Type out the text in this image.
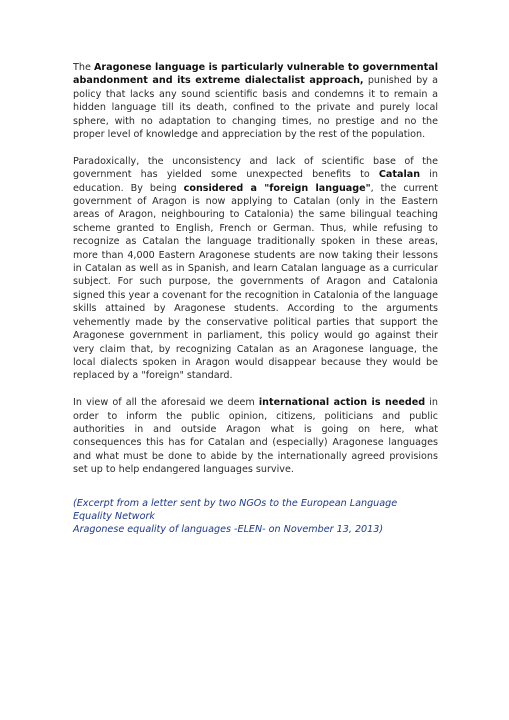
The Aragonese language is particularly vulnerable to governmental abandonment and its extreme dialectalist approach, punished by a policy that lacks any sound scientific basis and condemns it to remain a hidden language till its death, confined to the private and purely local sphere, with no adaptation to changing times, no prestige and no the proper level of knowledge and appreciation by the rest of the population.

Paradoxically, the unconsistency and lack of scientific base of the government has yielded some unexpected benefits to Catalan in education. By being considered a "foreign language", the current government of Aragon is now applying to Catalan (only in the Eastern areas of Aragon, neighbouring to Catalonia) the same bilingual teaching scheme granted to English, French or German. Thus, while refusing to recognize as Catalan the language traditionally spoken in these areas, more than 4,000 Eastern Aragonese students are now taking their lessons in Catalan as well as in Spanish, and learn Catalan language as a curricular subject. For such purpose, the governments of Aragon and Catalonia signed this year a covenant for the recognition in Catalonia of the language skills attained by Aragonese students. According to the arguments vehemently made by the conservative political parties that support the Aragonese government in parliament, this policy would go against their very claim that, by recognizing Catalan as an Aragonese language, the local dialects spoken in Aragon would disappear because they would be replaced by a "foreign" standard.

In view of all the aforesaid we deem international action is needed in order to inform the public opinion, citizens, politicians and public authorities in and outside Aragon what is going on here, what consequences this has for Catalan and (especially) Aragonese languages and what must be done to abide by the internationally agreed provisions set up to help endangered languages survive.

(Excerpt from a letter sent by two NGOs to the European Language Equality Network
Aragonese equality of languages -ELEN- on November 13, 2013)
